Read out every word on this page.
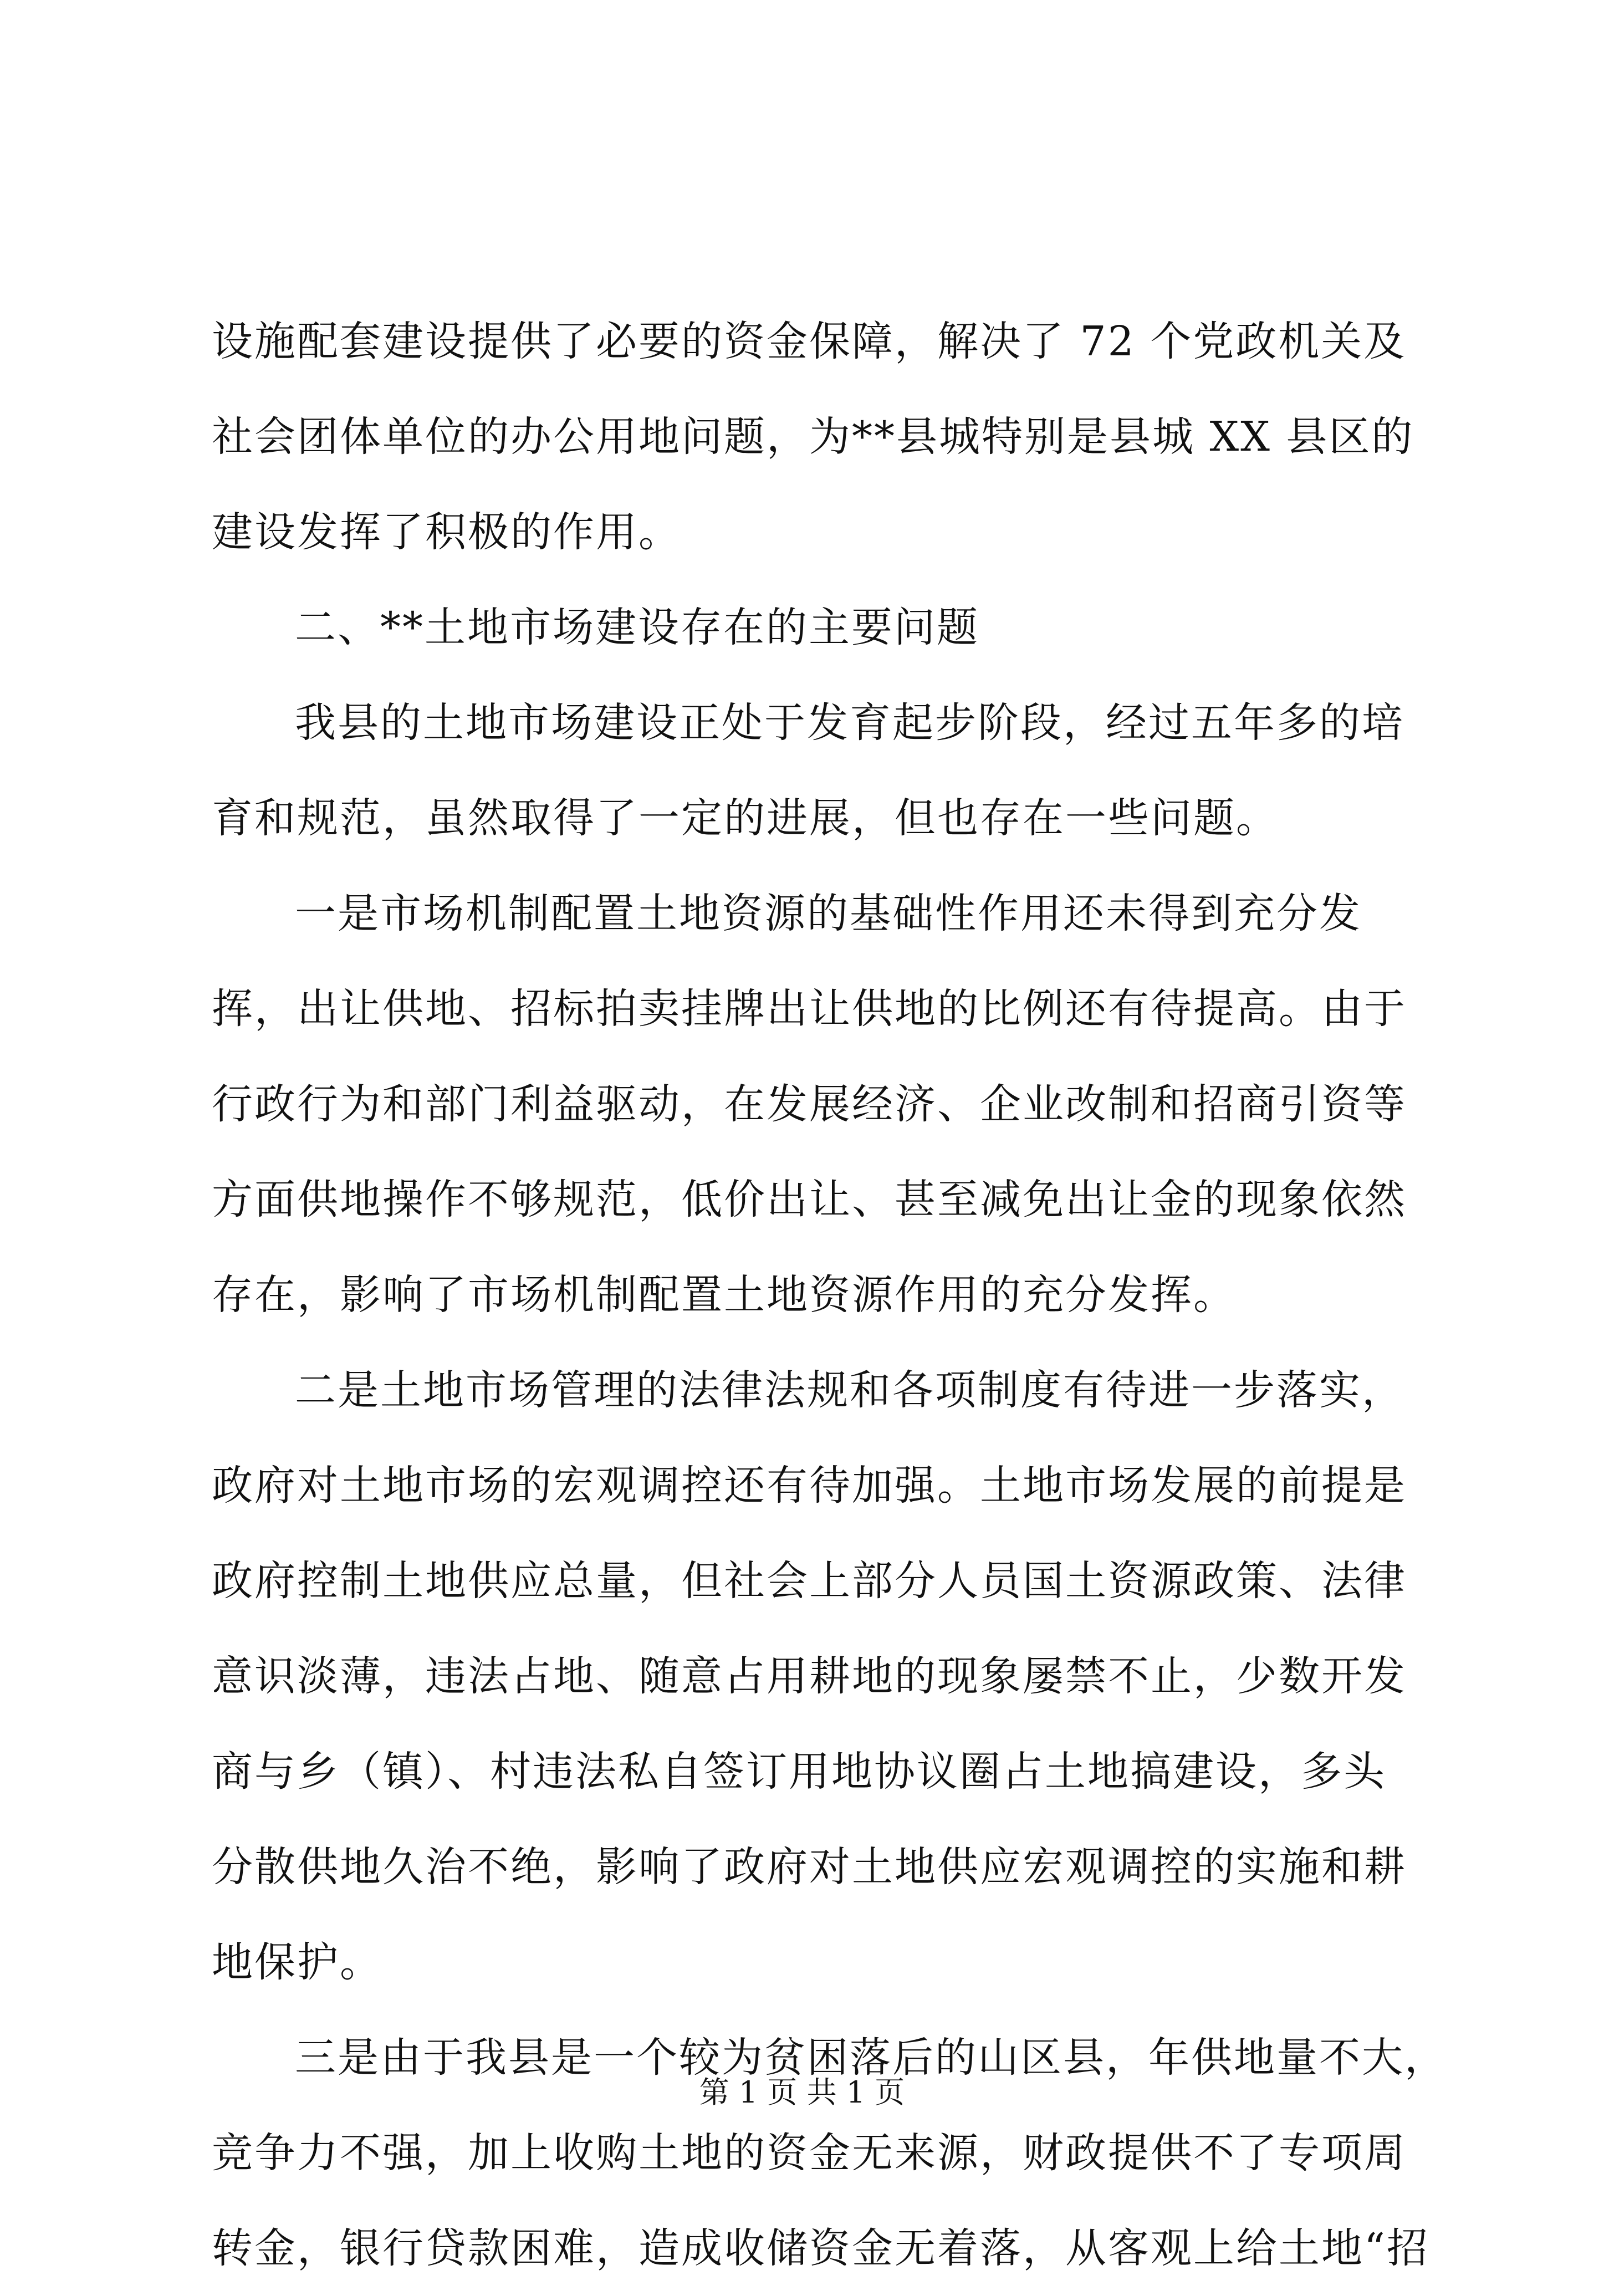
设施配套建设提供了必要的资金保障，解决了 72 个党政机关及
社会团体单位的办公用地问题，为**县城特别是县城 XX 县区的
建设发挥了积极的作用。
二、**土地市场建设存在的主要问题
我县的土地市场建设正处于发育起步阶段，经过五年多的培
育和规范，虽然取得了一定的进展，但也存在一些问题。
一是市场机制配置土地资源的基础性作用还未得到充分发
挥，出让供地、招标拍卖挂牌出让供地的比例还有待提高。由于
行政行为和部门利益驱动，在发展经济、企业改制和招商引资等
方面供地操作不够规范，低价出让、甚至减免出让金的现象依然
存在，影响了市场机制配置土地资源作用的充分发挥。
二是土地市场管理的法律法规和各项制度有待进一步落实，
政府对土地市场的宏观调控还有待加强。土地市场发展的前提是
政府控制土地供应总量，但社会上部分人员国土资源政策、法律
意识淡薄，违法占地、随意占用耕地的现象屡禁不止，少数开发
商与乡（镇）、村违法私自签订用地协议圈占土地搞建设，多头
分散供地久治不绝，影响了政府对土地供应宏观调控的实施和耕
地保护。
三是由于我县是一个较为贫困落后的山区县，年供地量不大，
竞争力不强，加上收购土地的资金无来源，财政提供不了专项周
转金，银行贷款困难，造成收储资金无着落，从客观上给土地“招
第 1 页 共 1 页
